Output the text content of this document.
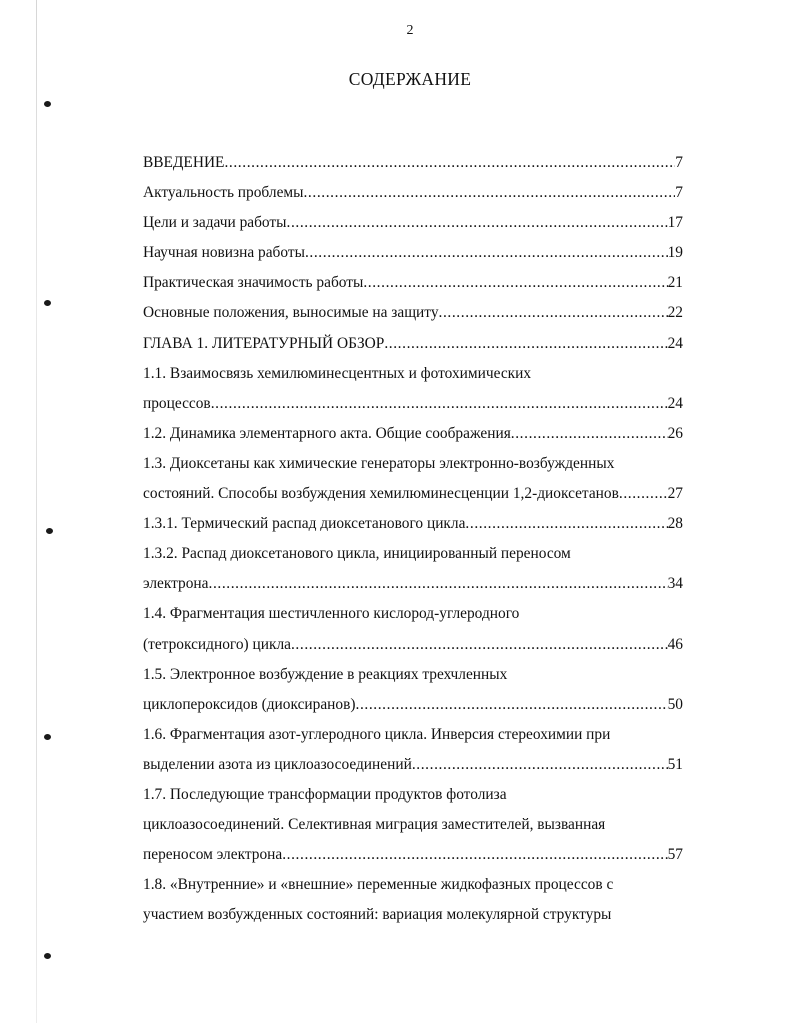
2
СОДЕРЖАНИЕ
ВВЕДЕНИЕ .....	7
Актуальность проблемы .....	7
Цели и задачи работы .....	17
Научная новизна работы .....	19
Практическая значимость работы .....	21
Основные положения, выносимые на защиту .....	22
ГЛАВА 1. ЛИТЕРАТУРНЫЙ ОБЗОР .....	24
1.1. Взаимосвязь хемилюминесцентных и фотохимических
процессов .....	24
1.2. Динамика элементарного акта. Общие соображения .....	26
1.3. Диоксетаны как химические генераторы электронно-возбужденных
состояний. Способы возбуждения хемилюминесценции 1,2-диоксетанов .....	27
1.3.1. Термический распад диоксетанового цикла .....	28
1.3.2. Распад диоксетанового цикла, инициированный переносом
электрона .....	34
1.4. Фрагментация шестичленного кислород-углеродного
(тетроксидного) цикла .....	46
1.5. Электронное возбуждение в реакциях трехчленных
циклопероксидов (диоксиранов) .....	50
1.6. Фрагментация азот-углеродного цикла. Инверсия стереохимии при
выделении азота из циклоазосоединений .....	51
1.7. Последующие трансформации продуктов фотолиза
циклоазосоединений. Селективная миграция заместителей, вызванная
переносом электрона .....	57
1.8. «Внутренние» и «внешние» переменные жидкофазных процессов с
участием возбужденных состояний: вариация молекулярной структуры
